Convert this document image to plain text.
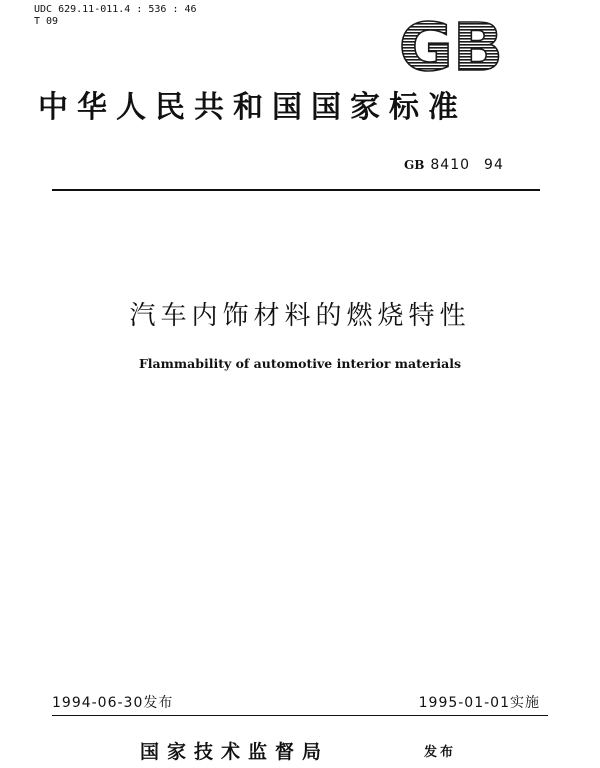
UDC 629.11-011.4 : 536 : 46
T 09	GB
中华人民共和国国家标准
GB 8410 94
汽车内饰材料的燃烧特性
Flammability of automotive interior materials
1994-06-30发布	1995-01-01实施
国家技术监督局	发布
